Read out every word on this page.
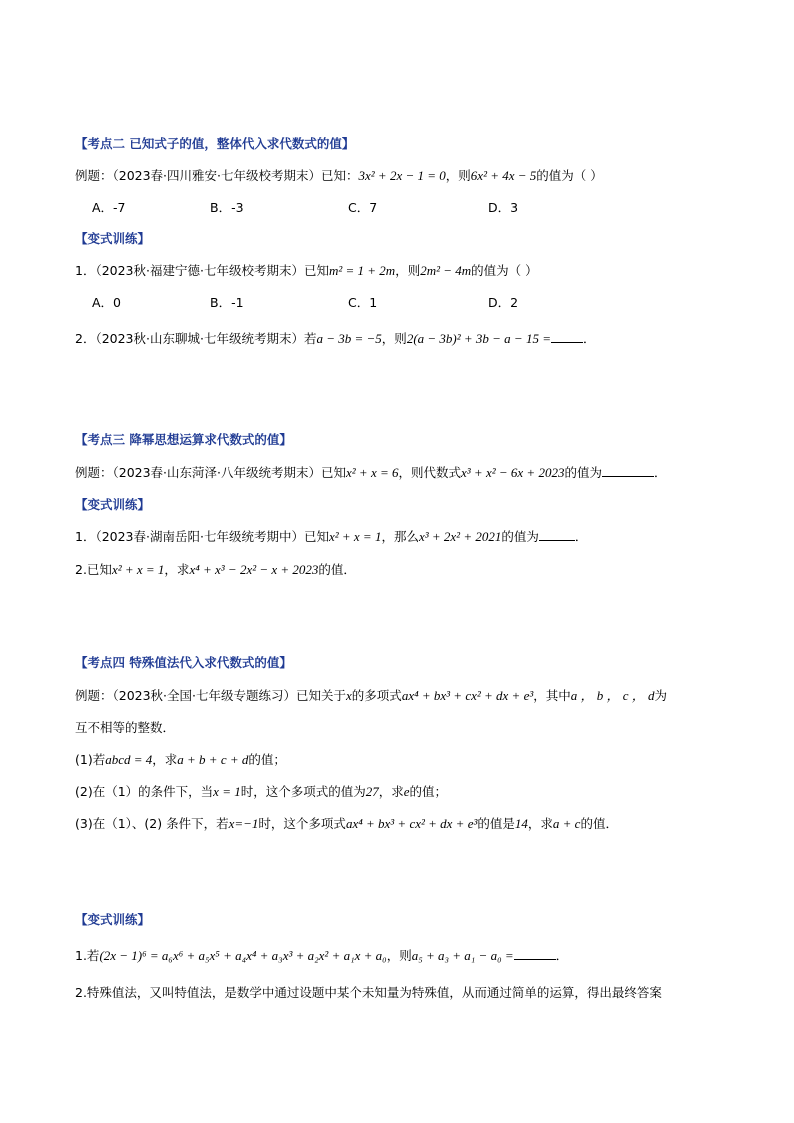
【考点二 已知式子的值，整体代入求代数式的值】
例题：（2023春·四川雅安·七年级校考期末）已知：3x² + 2x − 1 = 0，则6x² + 4x − 5的值为（ ）
A．-7	B．-3	C．7	D．3
【变式训练】
1．（2023秋·福建宁德·七年级校考期末）已知m² = 1 + 2m，则2m² − 4m的值为（ ）
A．0	B．-1	C．1	D．2
2．（2023秋·山东聊城·七年级统考期末）若a − 3b = −5，则2(a − 3b)² + 3b − a − 15 =	．
【考点三 降幂思想运算求代数式的值】
例题：（2023春·山东菏泽·八年级统考期末）已知x² + x = 6，则代数式x³ + x² − 6x + 2023的值为	．
【变式训练】
1．（2023春·湖南岳阳·七年级统考期中）已知x² + x = 1，那么x³ + 2x² + 2021的值为	．
2.已知x² + x = 1，求x⁴ + x³ − 2x² − x + 2023的值．
【考点四 特殊值法代入求代数式的值】
例题：（2023秋·全国·七年级专题练习）已知关于x的多项式ax⁴ + bx³ + cx² + dx + e³，其中a ， b ， c ， d为
互不相等的整数．
(1)若abcd = 4，求a + b + c + d的值；
(2)在（1）的条件下，当x = 1时，这个多项式的值为27，求e的值；
(3)在（1）、(2) 条件下，若x=−1时，这个多项式ax⁴ + bx³ + cx² + dx + e³的值是14，求a + c的值．
【变式训练】
1.若(2x − 1)⁶ = a₆x⁶ + a₅x⁵ + a₄x⁴ + a₃x³ + a₂x² + a₁x + a₀，则a₅ + a₃ + a₁ − a₀ =	．
2.特殊值法，又叫特值法，是数学中通过设题中某个未知量为特殊值，从而通过简单的运算，得出最终答案
